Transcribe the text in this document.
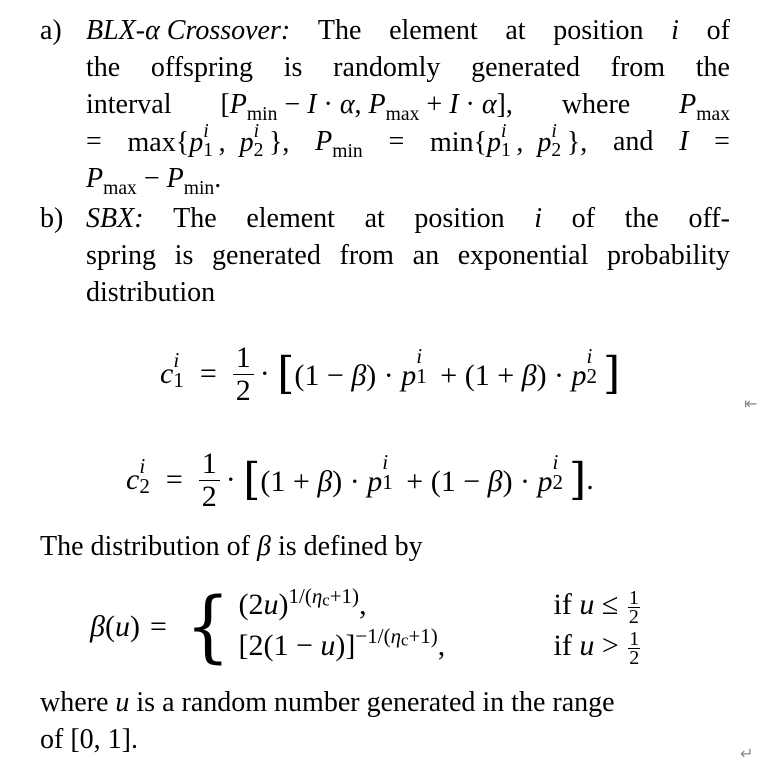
a) BLX-α Crossover: The element at position i of
the offspring is randomly generated from the
interval [$P_{min} - I \cdot \alpha$, $P_{max} + I \cdot \alpha$], where $P_{max}$
= max{p i
1 ,  p i
2 }, $P_{min} = \min\{p$ i
1 ,  p i
2 }, and I =
$P_{max} - P_{min}$.
b) SBX: The element at position i of the off-
spring is generated from an exponential probability
distribution
c i
$1 = \frac{1}{2}$ · [ (1 − β) · p
i
1 + (1 + β) · p
i
2 ]
⇤
c i
$2 = \frac{1}{2}$ · [ (1 + β) · p
i
1 + (1 − β) · p
i
2 ] .
The distribution of β is defined by
β (u) = { $(2u)^{1/(\eta c+1)}$,	if $u \le \frac{1}{2}$
$[2(1 - u)]^{-1/(\eta c+1)}$,	if $u > \frac{1}{2}$
where u is a random number generated in the range
of [0, 1].	↵
